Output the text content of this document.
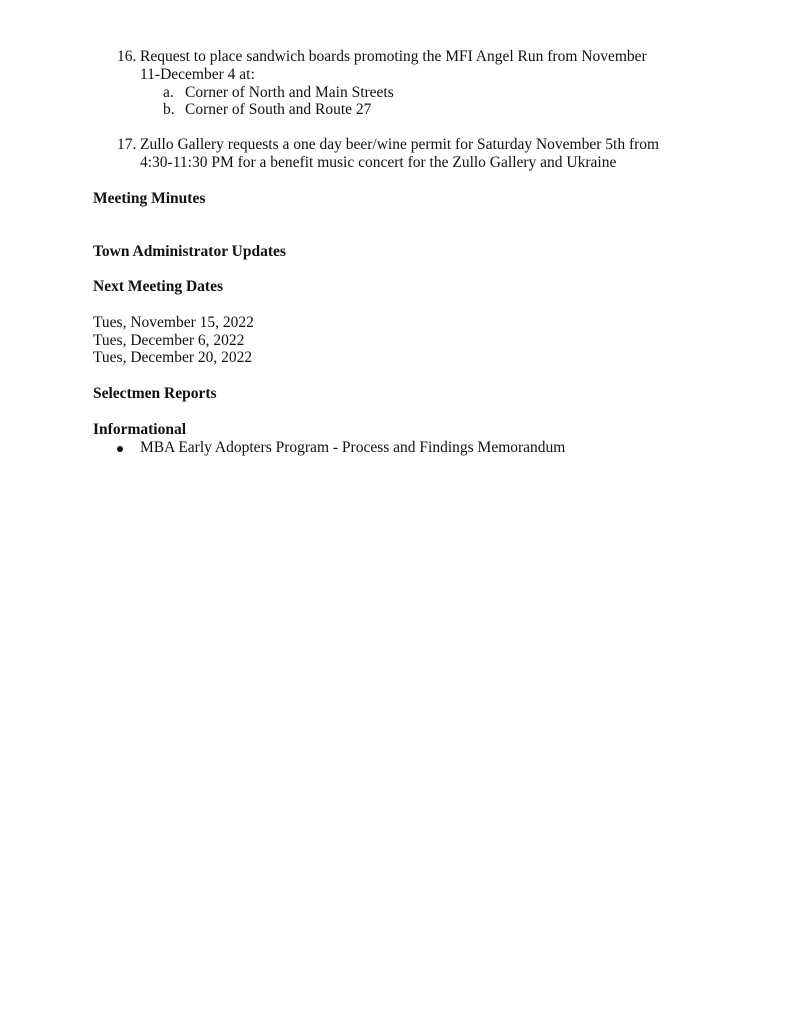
16. Request to place sandwich boards promoting the MFI Angel Run from November
11-December 4 at:
a. Corner of North and Main Streets
b. Corner of South and Route 27
17. Zullo Gallery requests a one day beer/wine permit for Saturday November 5th from
4:30-11:30 PM for a benefit music concert for the Zullo Gallery and Ukraine
Meeting Minutes
Town Administrator Updates
Next Meeting Dates
Tues, November 15, 2022
Tues, December 6, 2022
Tues, December 20, 2022
Selectmen Reports
Informational
MBA Early Adopters Program - Process and Findings Memorandum
